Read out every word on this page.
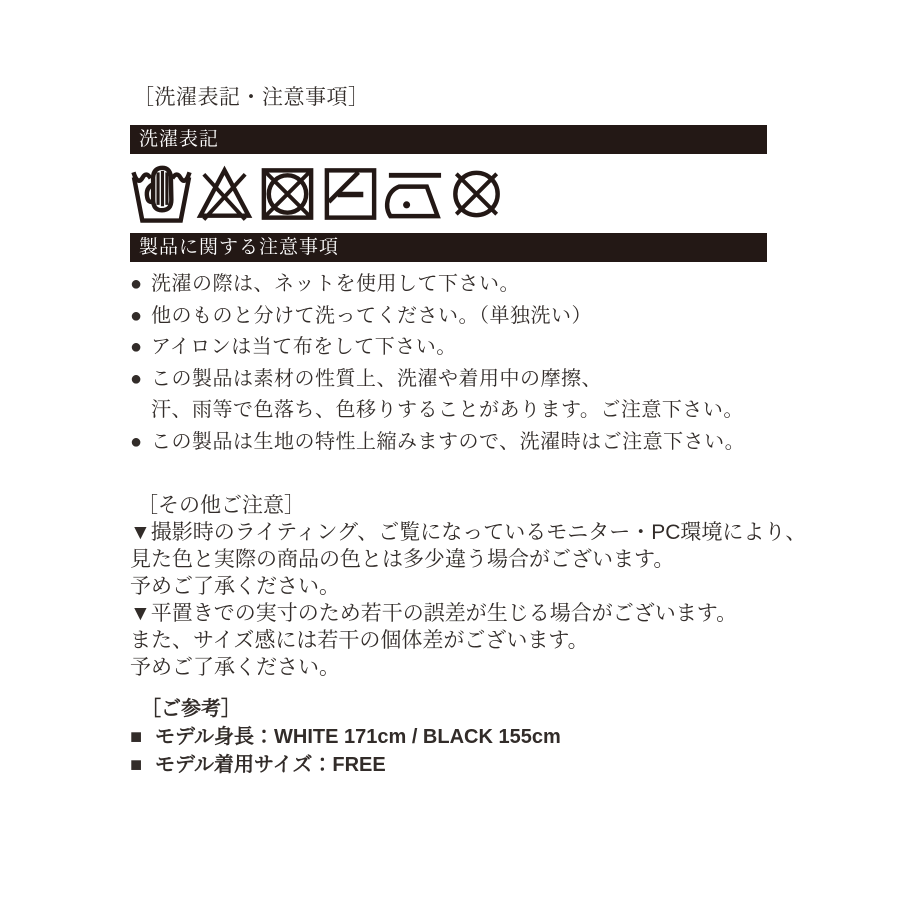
［洗濯表記・注意事項］
洗濯表記
製品に関する注意事項
● 洗濯の際は、ネットを使用して下さい。
● 他のものと分けて洗ってください。（単独洗い）
● アイロンは当て布をして下さい。
● この製品は素材の性質上、洗濯や着用中の摩擦、
汗、雨等で色落ち、色移りすることがあります。ご注意下さい。
● この製品は生地の特性上縮みますので、洗濯時はご注意下さい。
［その他ご注意］
▼撮影時のライティング、ご覧になっているモニター・PC環境により、
見た色と実際の商品の色とは多少違う場合がございます。
予めご了承ください。
▼平置きでの実寸のため若干の誤差が生じる場合がございます。
また、サイズ感には若干の個体差がございます。
予めご了承ください。
［ご参考］
■ モデル身長：WHITE 171cm / BLACK 155cm
■ モデル着用サイズ：FREE
